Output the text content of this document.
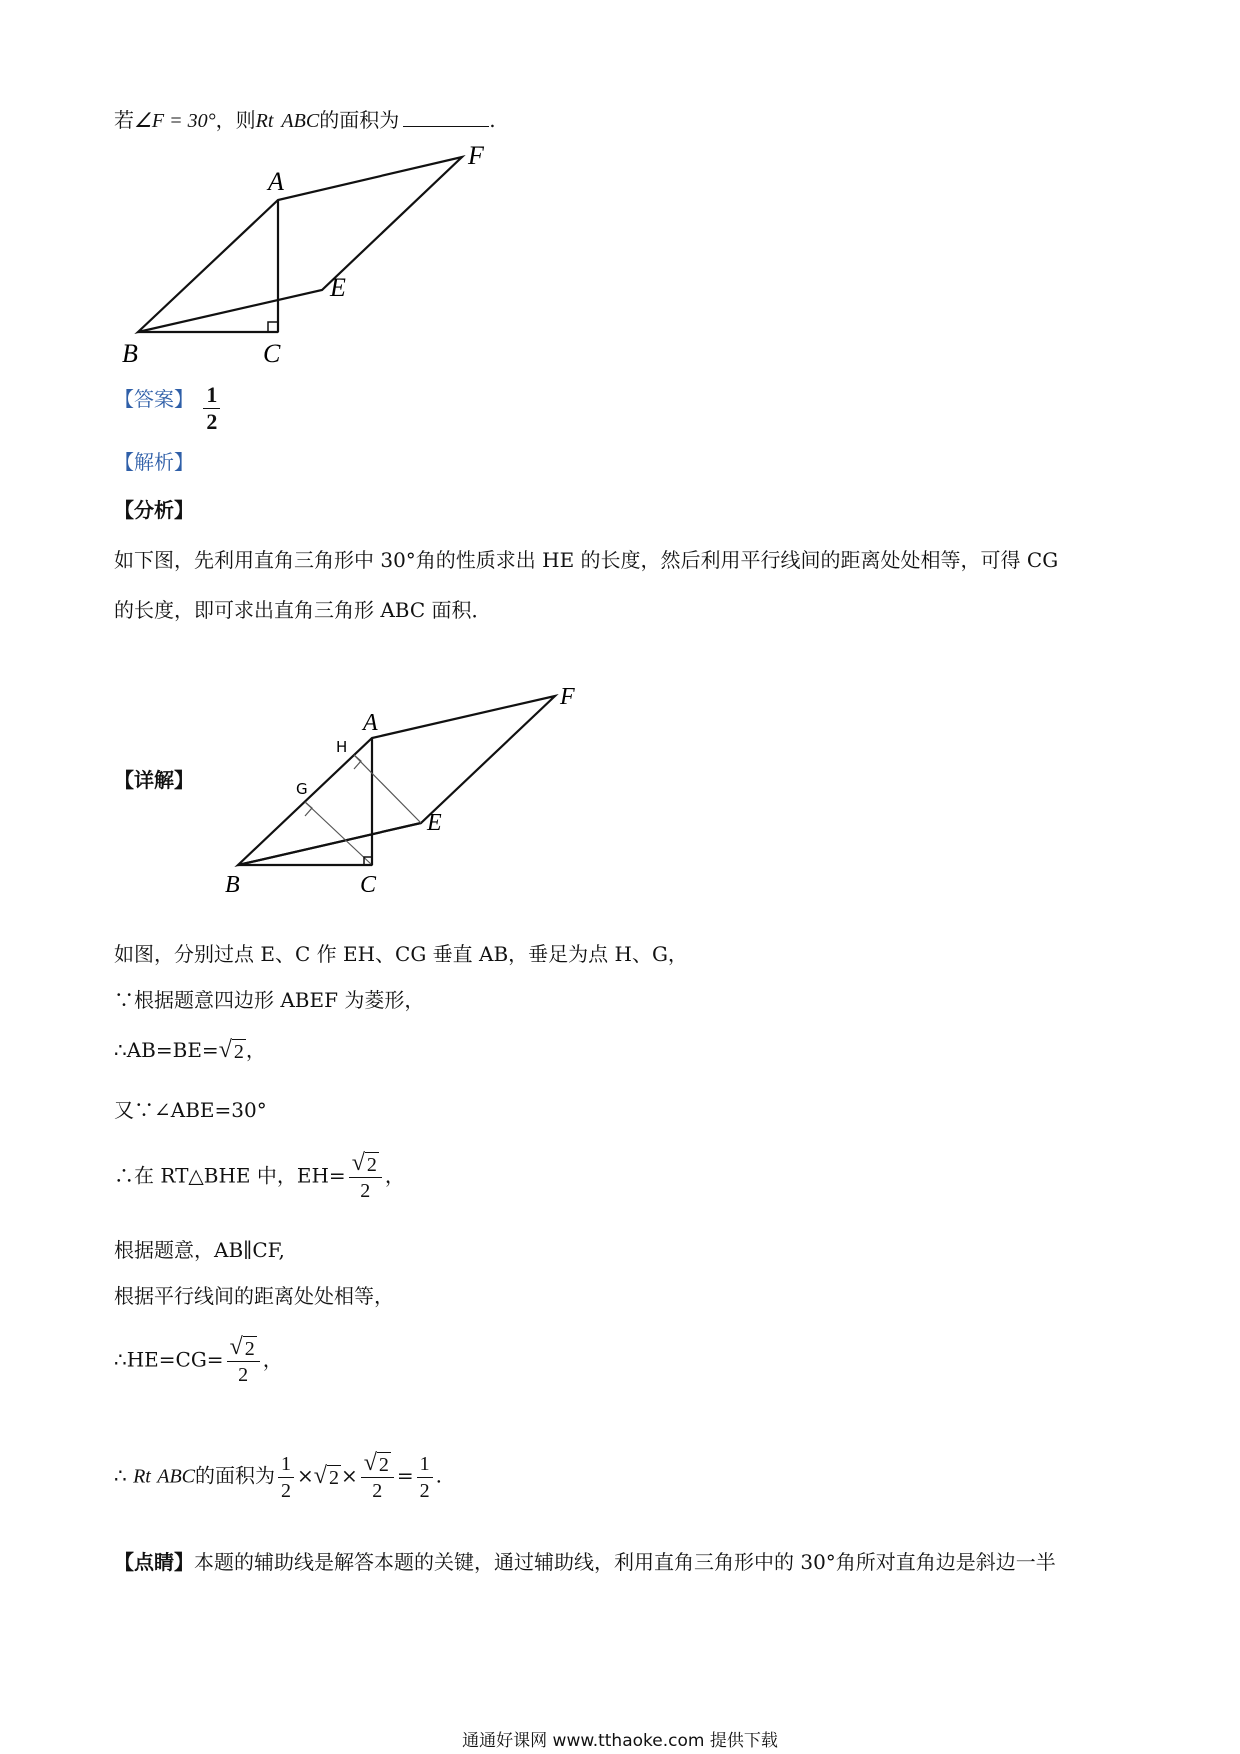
若∠F = 30°，则Rt ABC的面积为	.
A
F
E
B	C
【答案】 $\frac{1}{2}$
【解析】
【分析】
如下图，先利用直角三角形中 30°角的性质求出 HE 的长度，然后利用平行线间的距离处处相等，可得 CG
的长度，即可求出直角三角形 ABC 面积．
【详解】
A
F
E
B	C
H
G
如图，分别过点 E、C 作 EH、CG 垂直 AB，垂足为点 H、G，
∵根据题意四边形 ABEF 为菱形，
∴AB=BE= √ 2 ，
又∵∠ABE=30°
∴在 RT△BHE 中，$EH= \frac{√ 2}{2}$ ，
根据题意，AB∥CF,
根据平行线间的距离处处相等，
∴HE=CG= $\frac{√ 2}{2}$ ，
∴ Rt ABC的面积为 $\frac{1}{2}$ × √ $2 \times \frac{√ 2}{2} = \frac{1}{2}$ .
【点睛】本题的辅助线是解答本题的关键，通过辅助线，利用直角三角形中的 30°角所对直角边是斜边一半
通通好课网 www.tthaoke.com 提供下载
